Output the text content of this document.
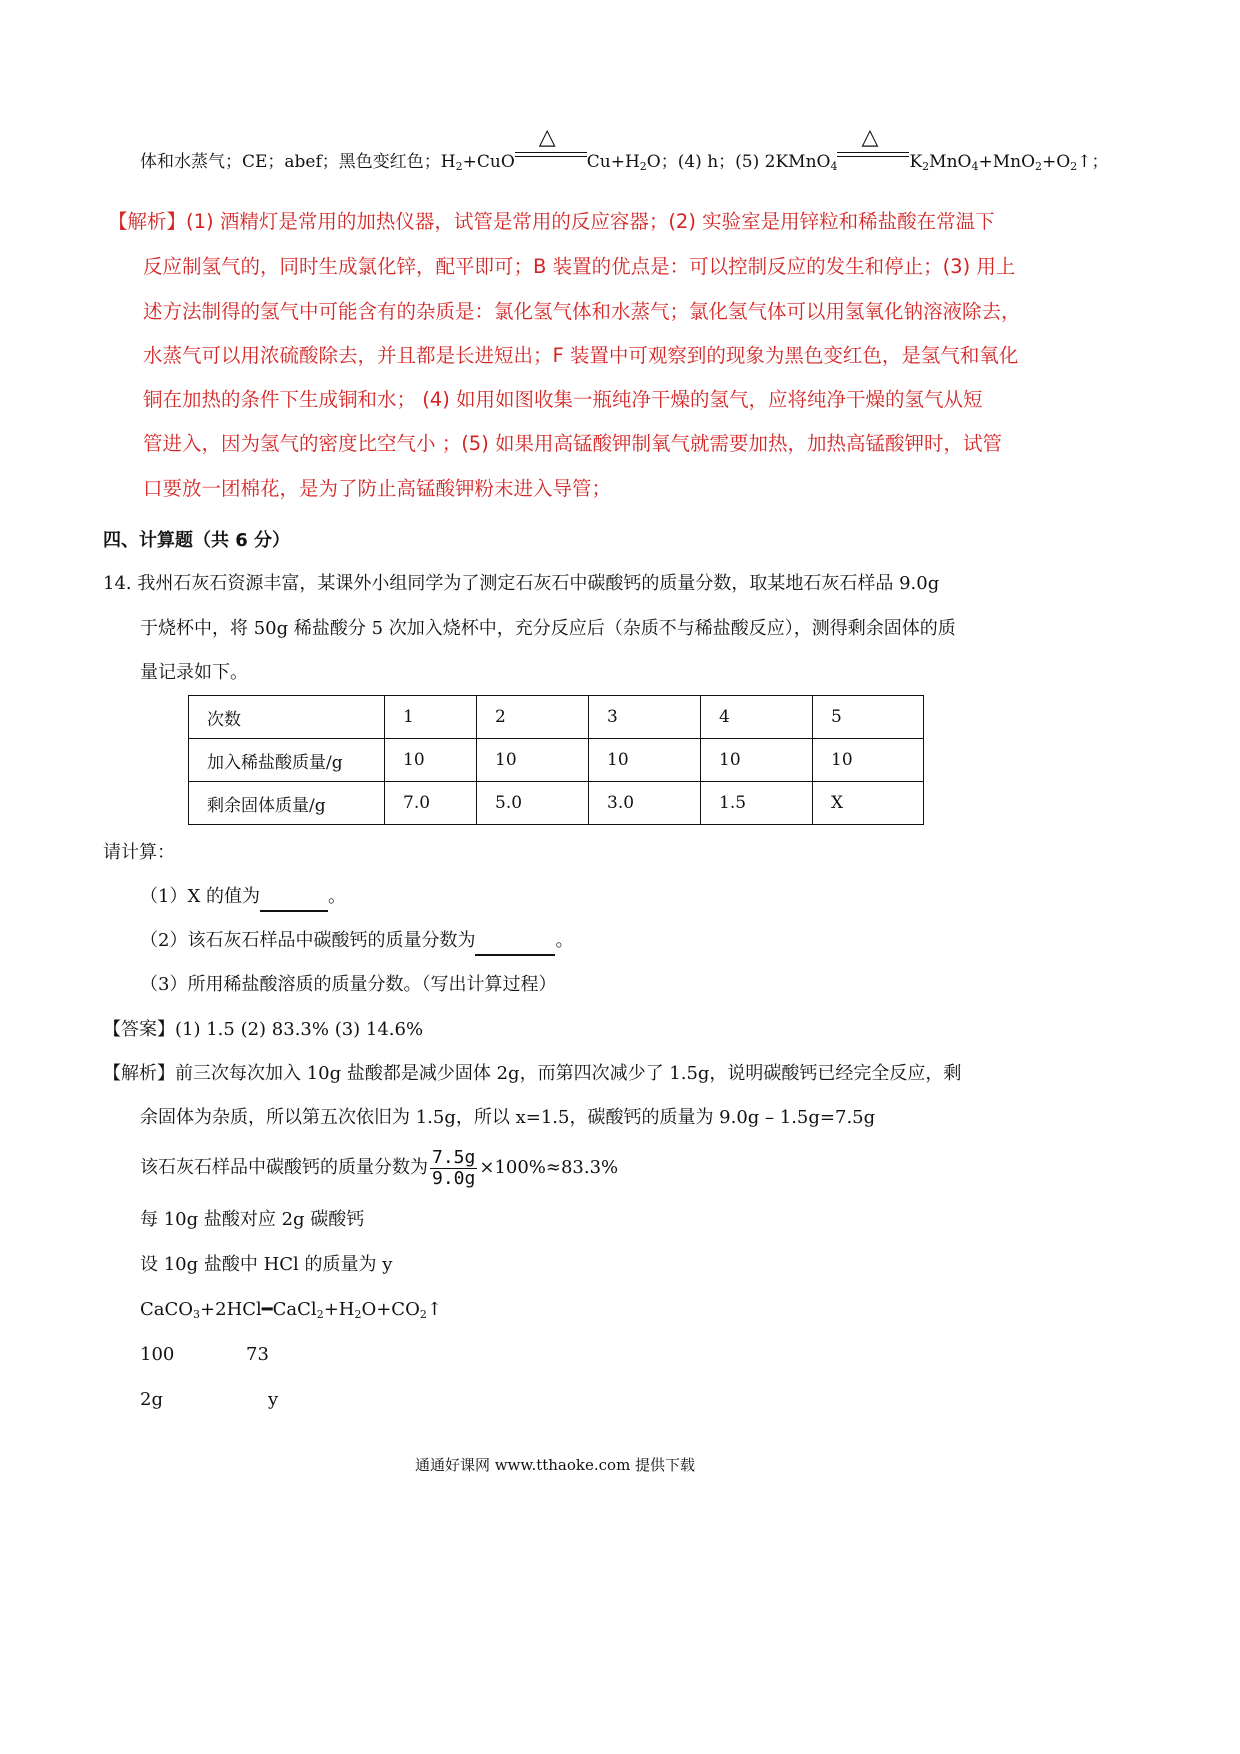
体和水蒸气；CE；abef；黑色变红色；$H_2+CuO$
△
$Cu+H_2O$；(4) h；(5) 2KMnO$_4$
△
$K_2MnO_4+MnO_2+O_2↑$；
【解析】(1) 酒精灯是常用的加热仪器，试管是常用的反应容器；(2) 实验室是用锌粒和稀盐酸在常温下
反应制氢气的，同时生成氯化锌，配平即可；B 装置的优点是：可以控制反应的发生和停止；(3) 用上
述方法制得的氢气中可能含有的杂质是：氯化氢气体和水蒸气；氯化氢气体可以用氢氧化钠溶液除去，
水蒸气可以用浓硫酸除去，并且都是长进短出；F 装置中可观察到的现象为黑色变红色，是氢气和氧化
铜在加热的条件下生成铜和水； (4) 如用如图收集一瓶纯净干燥的氢气，应将纯净干燥的氢气从短
管进入，因为氢气的密度比空气小 ；(5) 如果用高锰酸钾制氧气就需要加热，加热高锰酸钾时，试管
口要放一团棉花，是为了防止高锰酸钾粉末进入导管；
四、计算题（共 6 分）
14. 我州石灰石资源丰富，某课外小组同学为了测定石灰石中碳酸钙的质量分数，取某地石灰石样品 9.0g
于烧杯中，将 50g 稀盐酸分 5 次加入烧杯中，充分反应后（杂质不与稀盐酸反应），测得剩余固体的质
量记录如下。
次数	1	2	3	4	5
加入稀盐酸质量/g	10	10	10	10	10
剩余固体质量/g	7.0	5.0	3.0	1.5	X
请计算：
（1）X 的值为	。
（2）该石灰石样品中碳酸钙的质量分数为	。
（3）所用稀盐酸溶质的质量分数。（写出计算过程）
【答案】(1) 1.5 (2) 83.3% (3) 14.6%
【解析】前三次每次加入 10g 盐酸都是减少固体 2g，而第四次减少了 1.5g，说明碳酸钙已经完全反应，剩
余固体为杂质，所以第五次依旧为 1.5g，所以 x=1.5，碳酸钙的质量为 9.0g – 1.5g=7.5g
该石灰石样品中碳酸钙的质量分数为 $\frac{7.5g}{9.0g} \times 100\%\approx 83.3\%$
每 10g 盐酸对应 2g 碳酸钙
设 10g 盐酸中 HCl 的质量为 y
$CaCO_3+2HCl━CaCl_2+H_2O+CO_2↑$
100	73
2g	y
通通好课网 www.tthaoke.com 提供下载
